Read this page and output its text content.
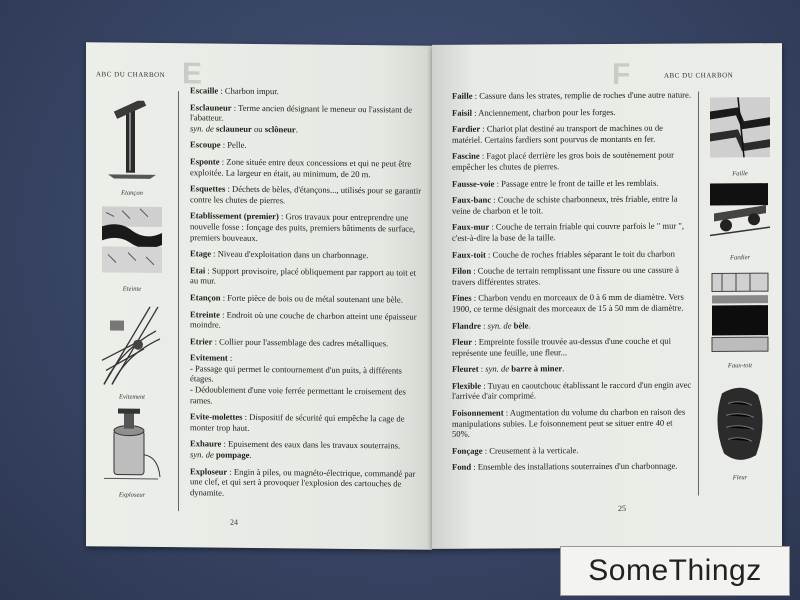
ABC DU CHARBON E
Etançon
Eteinte
Evitement
Exploseur
Escaille : Charbon impur.
Esclauneur : Terme ancien désignant le meneur ou l'assistant de l'abatteur.
syn. de sclauneur ou sclôneur.
Escoupe : Pelle.
Esponte : Zone située entre deux concessions et qui ne peut être exploitée. La largeur en était, au minimum, de 20 m.
Esquettes : Déchets de bèles, d'étançons..., utilisés pour se garantir contre les chutes de pierres.
Etablissement (premier) : Gros travaux pour entreprendre une nouvelle fosse : fonçage des puits, premiers bâtiments de surface, premiers bouveaux.
Etage : Niveau d'exploitation dans un charbonnage.
Etai : Support provisoire, placé obliquement par rapport au toit et au mur.
Etançon : Forte pièce de bois ou de métal soutenant une bèle.
Etreinte : Endroit où une couche de charbon atteint une épaisseur moindre.
Etrier : Collier pour l'assemblage des cadres métalliques.
Evitement :
- Passage qui permet le contournement d'un puits, à différents étages.
- Dédoublement d'une voie ferrée permettant le croisement des rames.
Evite-molettes : Dispositif de sécurité qui empêche la cage de monter trop haut.
Exhaure : Epuisement des eaux dans les travaux souterrains.
syn. de pompage.
Exploseur : Engin à piles, ou magnéto-électrique, commandé par une clef, et qui sert à provoquer l'explosion des cartouches de dynamite.
24
F	ABC DU CHARBON
Faille : Cassure dans les strates, remplie de roches d'une autre nature.
Faisil : Anciennement, charbon pour les forges.
Fardier : Chariot plat destiné au transport de machines ou de matériel. Certains fardiers sont pourvus de montants en fer.
Fascine : Fagot placé derrière les gros bois de soutènement pour empêcher les chutes de pierres.
Fausse-voie : Passage entre le front de taille et les remblais.
Faux-banc : Couche de schiste charbonneux, très friable, entre la veine de charbon et le toit.
Faux-mur : Couche de terrain friable qui couvre parfois le " mur ", c'est-à-dire la base de la taille.
Faux-toit : Couche de roches friables séparant le toit du charbon
Filon : Couche de terrain remplissant une fissure ou une cassure à travers différentes strates.
Fines : Charbon vendu en morceaux de 0 à 6 mm de diamètre. Vers 1900, ce terme désignait des morceaux de 15 à 50 mm de diamètre.
Flandre : syn. de bèle.
Fleur : Empreinte fossile trouvée au-dessus d'une couche et qui représente une feuille, une fleur...
Fleuret : syn. de barre à miner.
Flexible : Tuyau en caoutchouc établissant le raccord d'un engin avec l'arrivée d'air comprimé.
Foisonnement : Augmentation du volume du charbon en raison des manipulations subies. Le foisonnement peut se situer entre 40 et 50%.
Fonçage : Creusement à la verticale.
Fond : Ensemble des installations souterraines d'un charbonnage.
Faille
Fardier
Faux-toit
Fleur
25
SomeThingz
